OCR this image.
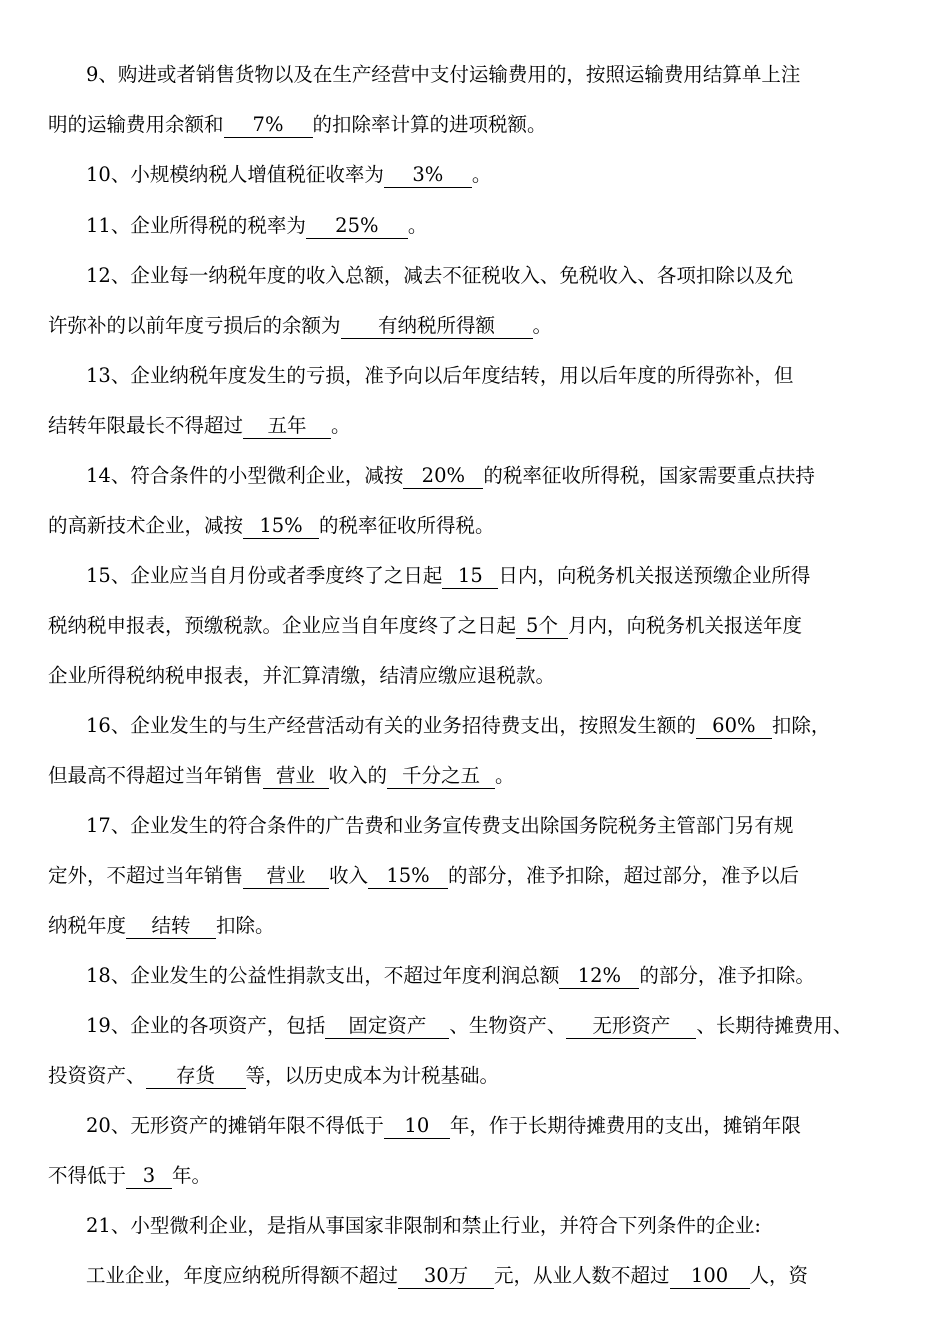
9、购进或者销售货物以及在生产经营中支付运输费用的，按照运输费用结算单上注
明的运输费用余额和 7% 的扣除率计算的进项税额。
10、小规模纳税人增值税征收率为 3% 。
11、企业所得税的税率为 25% 。
12、企业每一纳税年度的收入总额，减去不征税收入、免税收入、各项扣除以及允
许弥补的以前年度亏损后的余额为 有纳税所得额 。
13、企业纳税年度发生的亏损，准予向以后年度结转，用以后年度的所得弥补，但
结转年限最长不得超过 五年 。
14、符合条件的小型微利企业，减按 20% 的税率征收所得税，国家需要重点扶持
的高新技术企业，减按 15% 的税率征收所得税。
15、企业应当自月份或者季度终了之日起 15 日内，向税务机关报送预缴企业所得
税纳税申报表，预缴税款。企业应当自年度终了之日起 5个 月内，向税务机关报送年度
企业所得税纳税申报表，并汇算清缴，结清应缴应退税款。
16、企业发生的与生产经营活动有关的业务招待费支出，按照发生额的 60% 扣除，
但最高不得超过当年销售 营业 收入的 千分之五 。
17、企业发生的符合条件的广告费和业务宣传费支出除国务院税务主管部门另有规
定外，不超过当年销售 营业 收入 15% 的部分，准予扣除，超过部分，准予以后
纳税年度 结转 扣除。
18、企业发生的公益性捐款支出，不超过年度利润总额 12% 的部分，准予扣除。
19、企业的各项资产，包括 固定资产 、生物资产、 无形资产 、长期待摊费用、
投资资产、 存货 等，以历史成本为计税基础。
20、无形资产的摊销年限不得低于 10 年，作于长期待摊费用的支出，摊销年限
不得低于 3 年。
21、小型微利企业，是指从事国家非限制和禁止行业，并符合下列条件的企业:
工业企业，年度应纳税所得额不超过 30万 元，从业人数不超过 100 人，资
